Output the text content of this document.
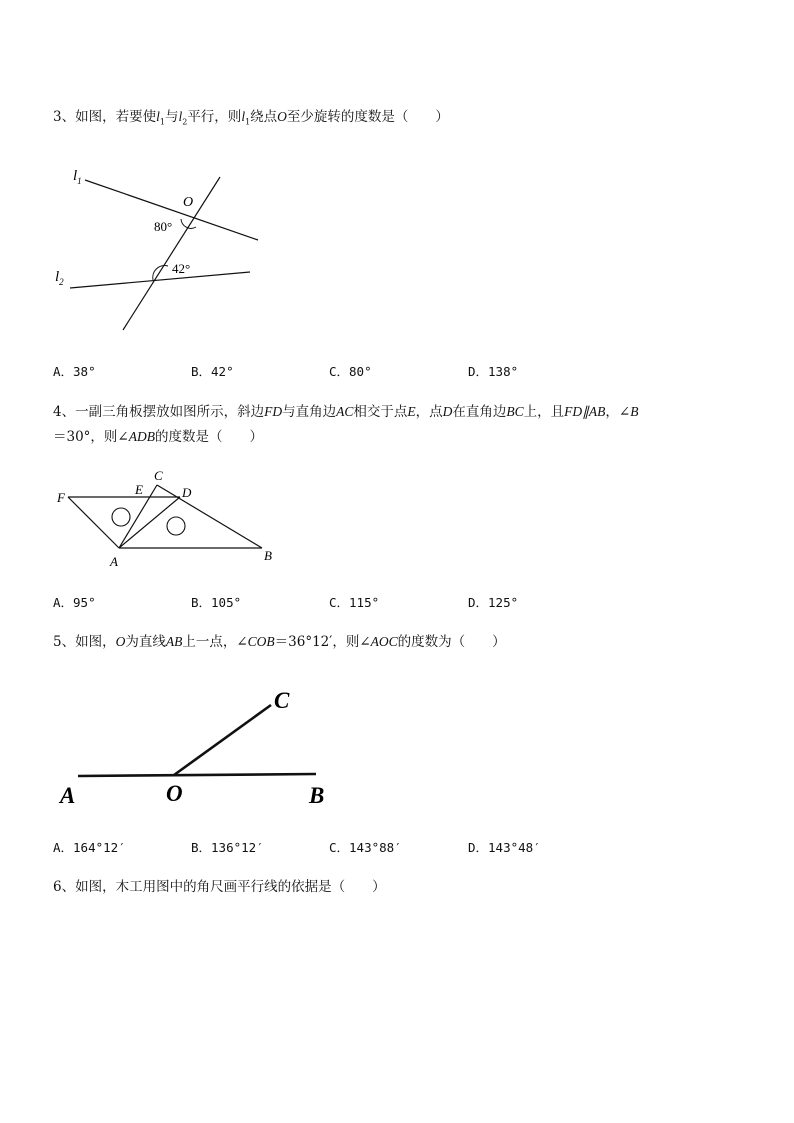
3、如图，若要使$l_1$与$l_2$平行，则$l_1$绕点O至少旋转的度数是（　　）
$l_1$
$l_2$
O
80°
42°
A．38°	B．42°	C．80°	D．138°
4、一副三角板摆放如图所示，斜边FD与直角边AC相交于点E，点D在直角边BC上，且FD∥AB，∠B
＝30°，则∠ADB的度数是（　　）
F
E
C
D
A	B
A．95°	B．105°	C．115°	D．125°
5、如图，O为直线AB上一点，∠COB＝36°12′，则∠AOC的度数为（　　）
A	O	B
C
A．164°12′	B．136°12′	C．143°88′	D．143°48′
6、如图，木工用图中的角尺画平行线的依据是（　　）
